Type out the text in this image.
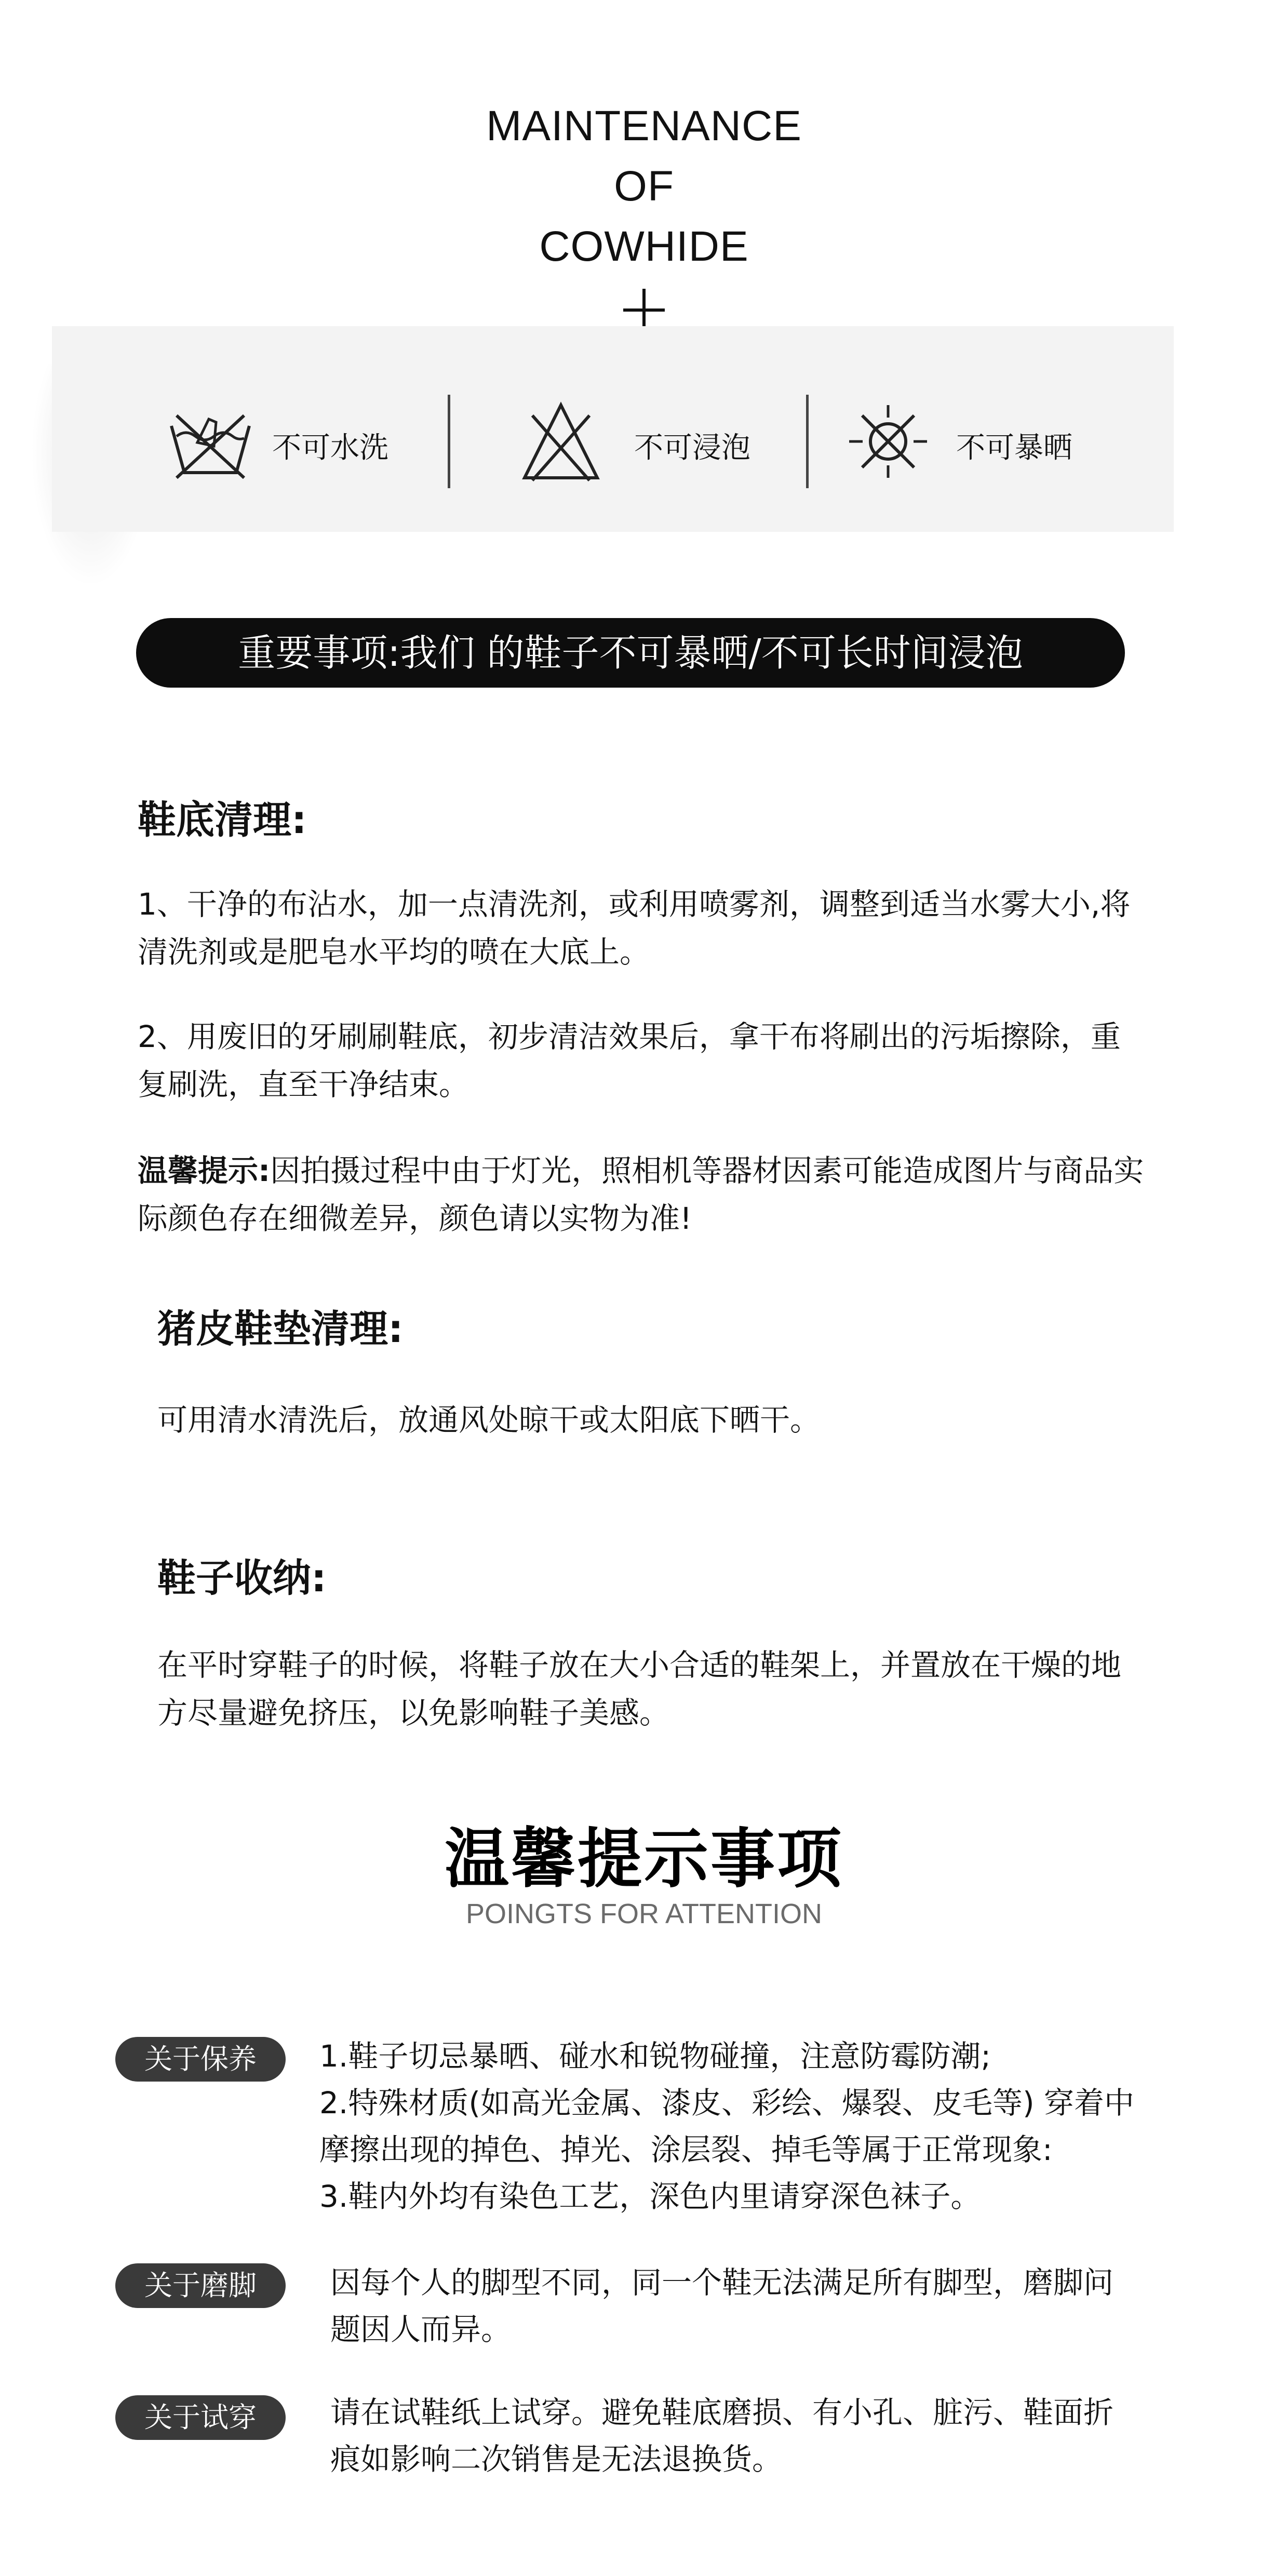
MAINTENANCE
OF
COWHIDE
不可水洗	不可浸泡	不可暴晒
重要事项:我们 的鞋子不可暴晒/不可长时间浸泡
鞋底清理:
1、干净的布沾水，加一点清洗剂，或利用喷雾剂，调整到适当水雾大小,将
清洗剂或是肥皂水平均的喷在大底上。
2、用废旧的牙刷刷鞋底，初步清洁效果后，拿干布将刷出的污垢擦除，重
复刷洗，直至干净结束。
温馨提示:因拍摄过程中由于灯光，照相机等器材因素可能造成图片与商品实
际颜色存在细微差异，颜色请以实物为准!
猪皮鞋垫清理:
可用清水清洗后，放通风处晾干或太阳底下晒干。
鞋子收纳:
在平时穿鞋子的时候，将鞋子放在大小合适的鞋架上，并置放在干燥的地
方尽量避免挤压，以免影响鞋子美感。
温馨提示事项
POINGTS FOR ATTENTION
关于保养	1.鞋子切忌暴晒、碰水和锐物碰撞，注意防霉防潮;
2.特殊材质(如高光金属、漆皮、彩绘、爆裂、皮毛等) 穿着中
摩擦出现的掉色、掉光、涂层裂、掉毛等属于正常现象:
3.鞋内外均有染色工艺，深色内里请穿深色袜子。
关于磨脚	因每个人的脚型不同，同一个鞋无法满足所有脚型，磨脚问
题因人而异。
关于试穿	请在试鞋纸上试穿。避免鞋底磨损、有小孔、脏污、鞋面折
痕如影响二次销售是无法退换货。
